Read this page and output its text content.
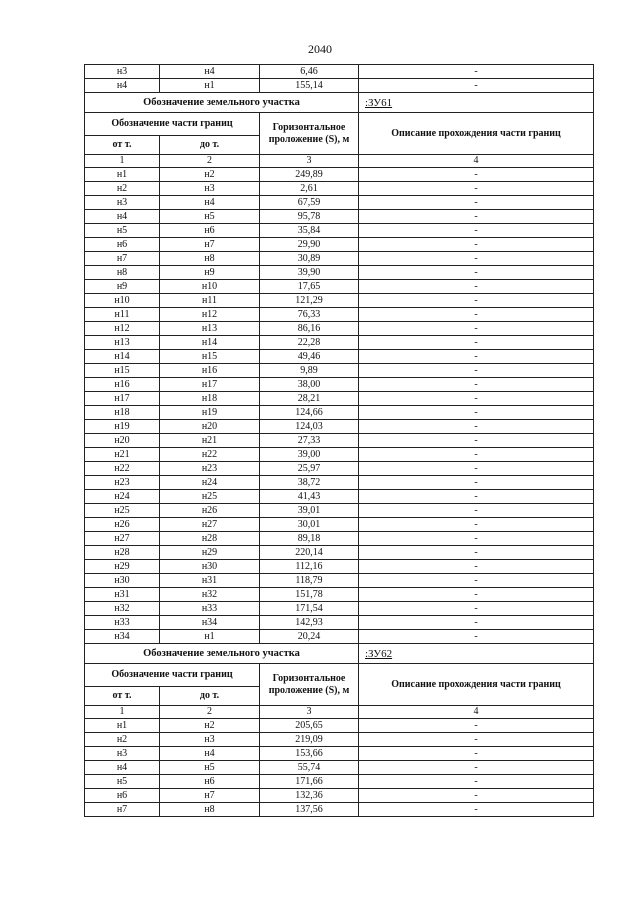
2040
н3	н4	6,46	-
н4	н1	155,14	-
Обозначение земельного участка			:ЗУ61
Обозначение части границ		Горизонтальное проложение (S), м	Описание прохождения части границ
от т.	до т.		
1	2	3	4
н1	н2	249,89	-
н2	н3	2,61	-
н3	н4	67,59	-
н4	н5	95,78	-
н5	н6	35,84	-
н6	н7	29,90	-
н7	н8	30,89	-
н8	н9	39,90	-
н9	н10	17,65	-
н10	н11	121,29	-
н11	н12	76,33	-
н12	н13	86,16	-
н13	н14	22,28	-
н14	н15	49,46	-
н15	н16	9,89	-
н16	н17	38,00	-
н17	н18	28,21	-
н18	н19	124,66	-
н19	н20	124,03	-
н20	н21	27,33	-
н21	н22	39,00	-
н22	н23	25,97	-
н23	н24	38,72	-
н24	н25	41,43	-
н25	н26	39,01	-
н26	н27	30,01	-
н27	н28	89,18	-
н28	н29	220,14	-
н29	н30	112,16	-
н30	н31	118,79	-
н31	н32	151,78	-
н32	н33	171,54	-
н33	н34	142,93	-
н34	н1	20,24	-
Обозначение земельного участка			:ЗУ62
Обозначение части границ		Горизонтальное проложение (S), м	Описание прохождения части границ
от т.	до т.		
1	2	3	4
н1	н2	205,65	-
н2	н3	219,09	-
н3	н4	153,66	-
н4	н5	55,74	-
н5	н6	171,66	-
н6	н7	132,36	-
н7	н8	137,56	-
